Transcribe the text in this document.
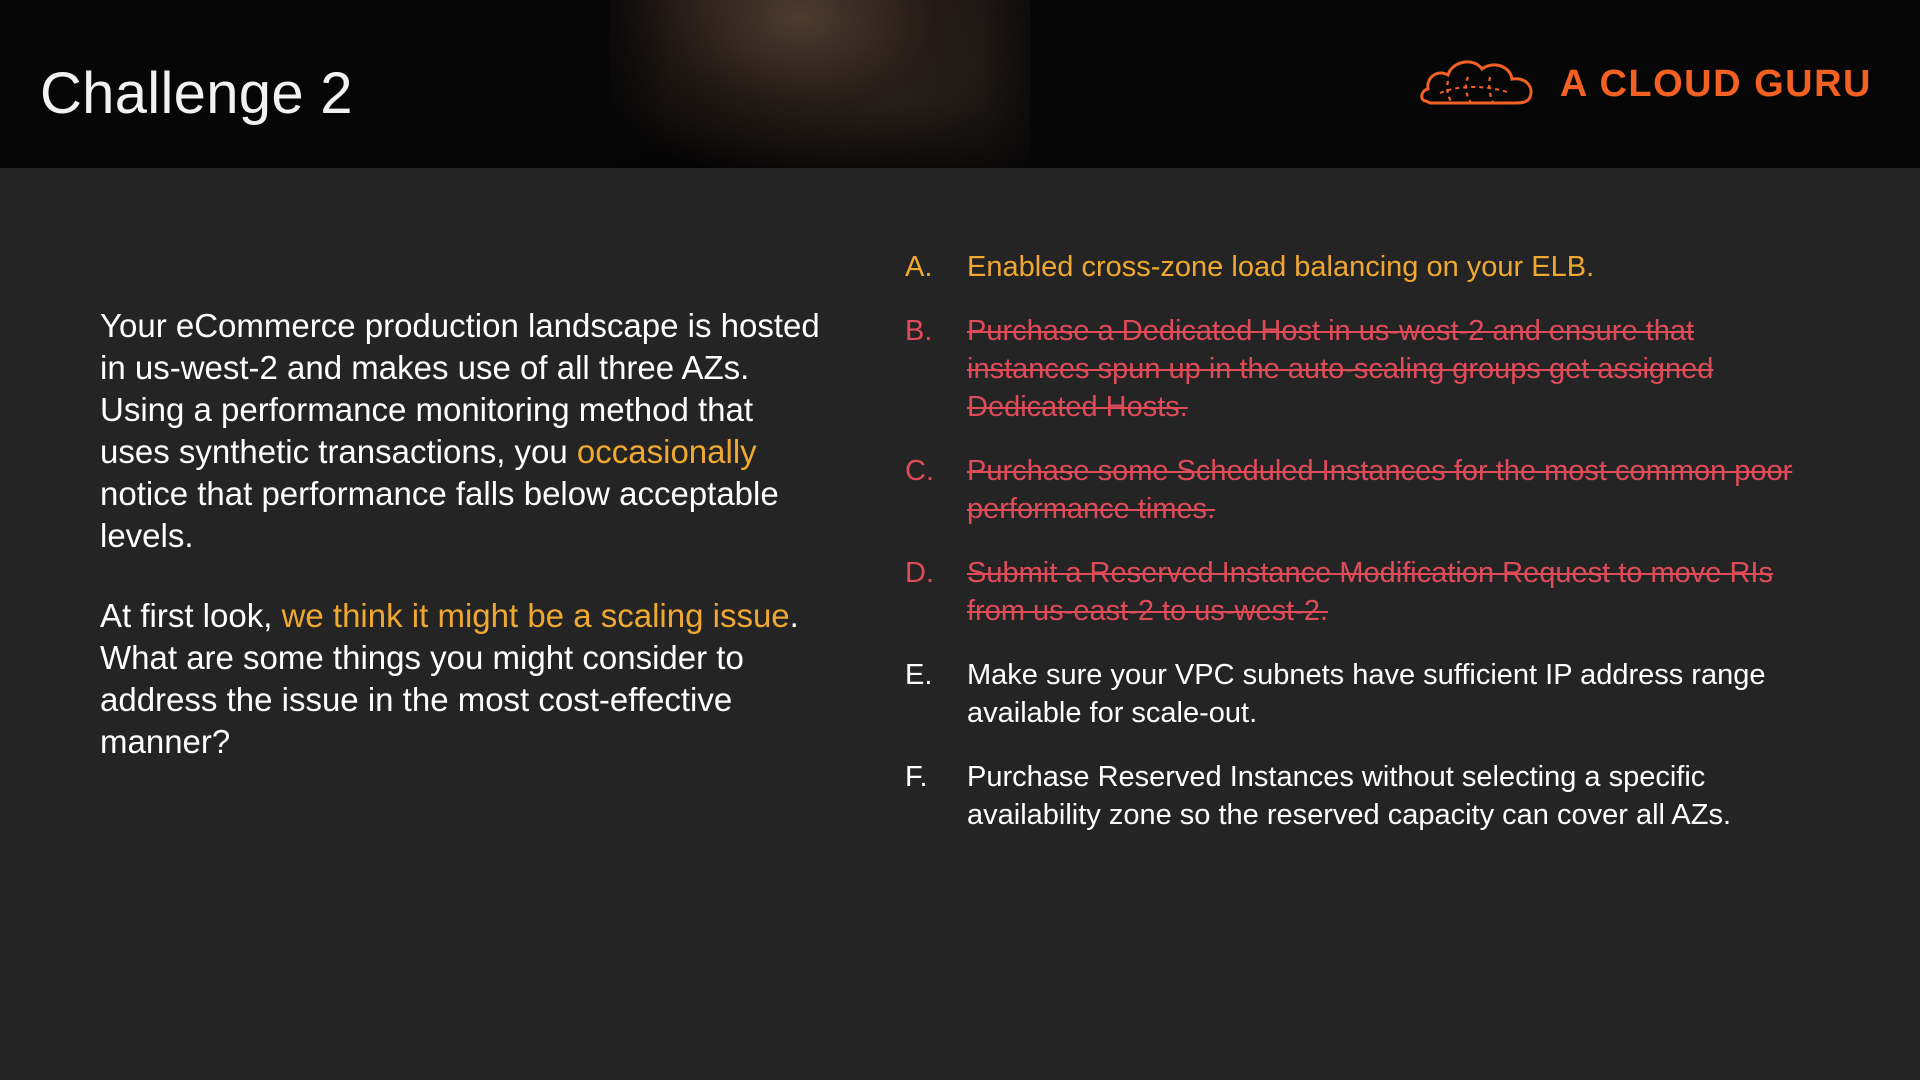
Challenge 2	A CLOUD GURU

Your eCommerce production landscape is hosted in us-west-2 and makes use of all three AZs. Using a performance monitoring method that uses synthetic transactions, you occasionally notice that performance falls below acceptable levels.

At first look, we think it might be a scaling issue. What are some things you might consider to address the issue in the most cost-effective manner?

A.	Enabled cross-zone load balancing on your ELB.
B.	Purchase a Dedicated Host in us-west-2 and ensure that instances spun up in the auto-scaling groups get assigned Dedicated Hosts.
C.	Purchase some Scheduled Instances for the most common poor performance times.
D.	Submit a Reserved Instance Modification Request to move RIs from us-east-2 to us-west-2.
E.	Make sure your VPC subnets have sufficient IP address range available for scale-out.
F.	Purchase Reserved Instances without selecting a specific availability zone so the reserved capacity can cover all AZs.
